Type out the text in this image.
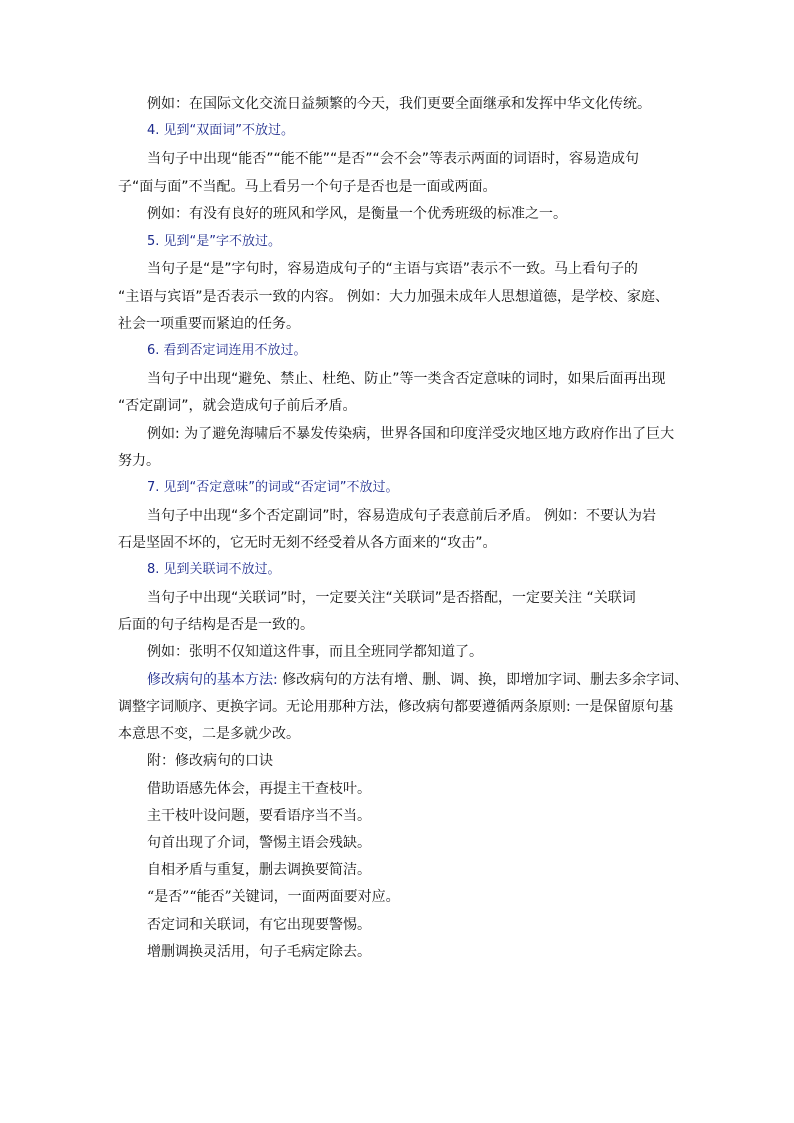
例如：在国际文化交流日益频繁的今天，我们更要全面继承和发挥中华文化传统。
4. 见到“双面词”不放过。
当句子中出现“能否”“能不能”“是否”“会不会”等表示两面的词语时，容易造成句
子“面与面”不当配。马上看另一个句子是否也是一面或两面。
例如：有没有良好的班风和学风，是衡量一个优秀班级的标准之一。
5. 见到“是”字不放过。
当句子是“是”字句时，容易造成句子的“主语与宾语”表示不一致。马上看句子的
“主语与宾语”是否表示一致的内容。 例如：大力加强未成年人思想道德，是学校、家庭、
社会一项重要而紧迫的任务。
6. 看到否定词连用不放过。
当句子中出现“避免、禁止、杜绝、防止”等一类含否定意味的词时，如果后面再出现
“否定副词”，就会造成句子前后矛盾。
例如: 为了避免海啸后不暴发传染病，世界各国和印度洋受灾地区地方政府作出了巨大
努力。
7. 见到“否定意味”的词或“否定词”不放过。
当句子中出现“多个否定副词”时，容易造成句子表意前后矛盾。 例如：不要认为岩
石是坚固不坏的，它无时无刻不经受着从各方面来的“攻击”。
8. 见到关联词不放过。
当句子中出现“关联词”时，一定要关注“关联词”是否搭配，一定要关注 “关联词
后面的句子结构是否是一致的。
例如：张明不仅知道这件事，而且全班同学都知道了。
修改病句的基本方法: 修改病句的方法有增、删、调、换，即增加字词、删去多余字词、
调整字词顺序、更换字词。无论用那种方法，修改病句都要遵循两条原则: 一是保留原句基
本意思不变，二是多就少改。
附：修改病句的口诀
借助语感先体会，再提主干查枝叶。
主干枝叶设问题，要看语序当不当。
句首出现了介词，警惕主语会残缺。
自相矛盾与重复，删去调换要简洁。
“是否”“能否”关键词，一面两面要对应。
否定词和关联词，有它出现要警惕。
增删调换灵活用，句子毛病定除去。
